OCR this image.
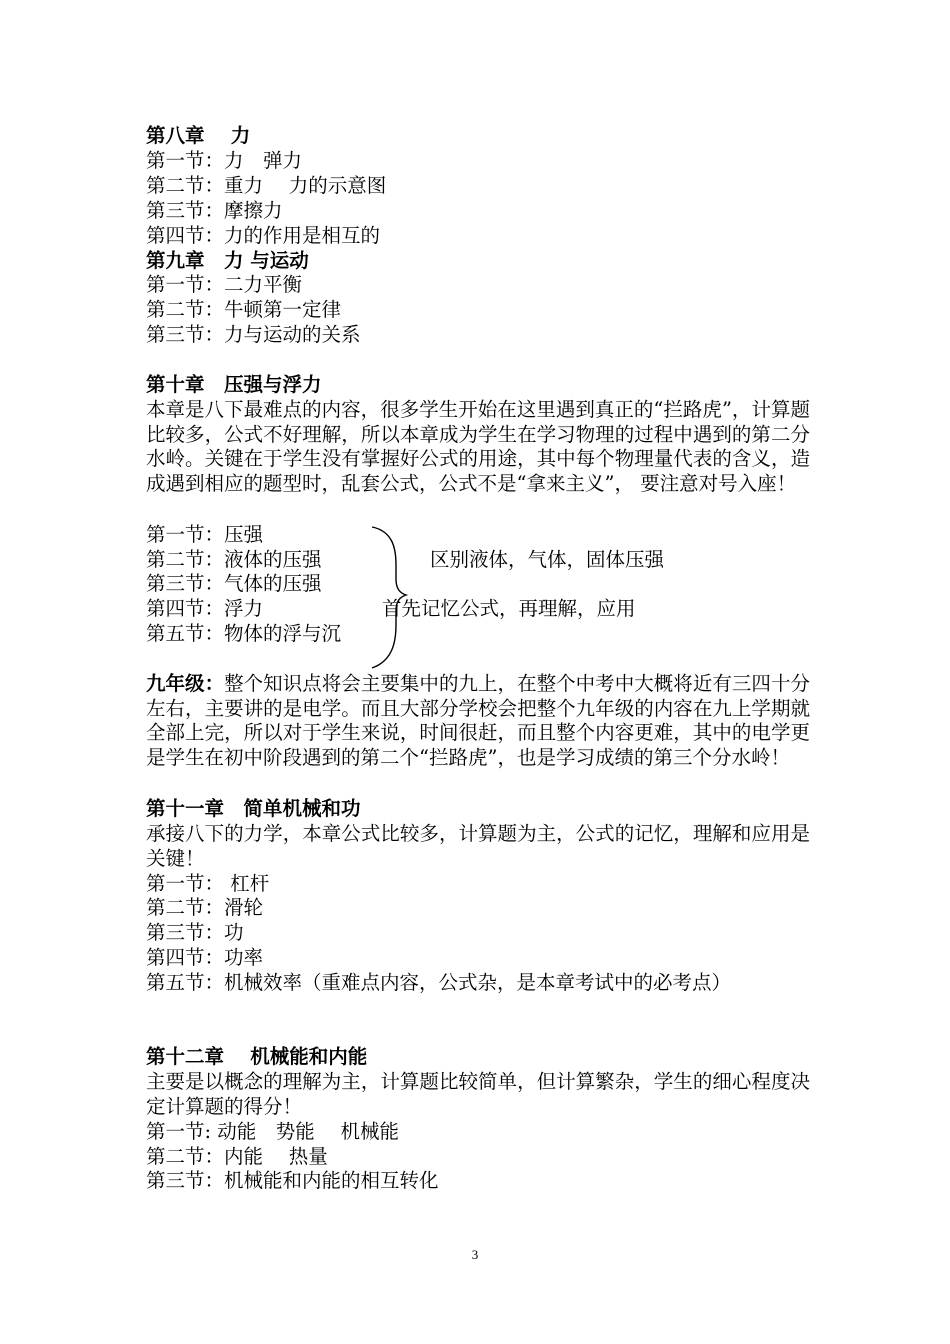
第八章　 力
第一节：力　弹力
第二节：重力　 力的示意图
第三节：摩擦力
第四节：力的作用是相互的
第九章　力 与运动
第一节：二力平衡
第二节：牛顿第一定律
第三节：力与运动的关系
第十章　压强与浮力
本章是八下最难点的内容，很多学生开始在这里遇到真正的“拦路虎”，计算题比较多，公式不好理解，所以本章成为学生在学习物理的过程中遇到的第二分水岭。关键在于学生没有掌握好公式的用途，其中每个物理量代表的含义，造成遇到相应的题型时，乱套公式，公式不是“拿来主义”， 要注意对号入座！
第一节：压强
第二节：液体的压强
第三节：气体的压强
第四节：浮力
第五节：物体的浮与沉
区别液体，气体，固体压强
首先记忆公式，再理解，应用
九年级：整个知识点将会主要集中的九上，在整个中考中大概将近有三四十分左右，主要讲的是电学。而且大部分学校会把整个九年级的内容在九上学期就全部上完，所以对于学生来说，时间很赶，而且整个内容更难，其中的电学更是学生在初中阶段遇到的第二个“拦路虎”，也是学习成绩的第三个分水岭！
第十一章　简单机械和功
承接八下的力学，本章公式比较多，计算题为主，公式的记忆，理解和应用是关键！
第一节： 杠杆
第二节：滑轮
第三节：功
第四节：功率
第五节：机械效率（重难点内容，公式杂，是本章考试中的必考点）
第十二章　 机械能和内能
主要是以概念的理解为主，计算题比较简单，但计算繁杂，学生的细心程度决定计算题的得分！
第一节: 动能　势能　 机械能
第二节：内能　 热量
第三节：机械能和内能的相互转化
3
